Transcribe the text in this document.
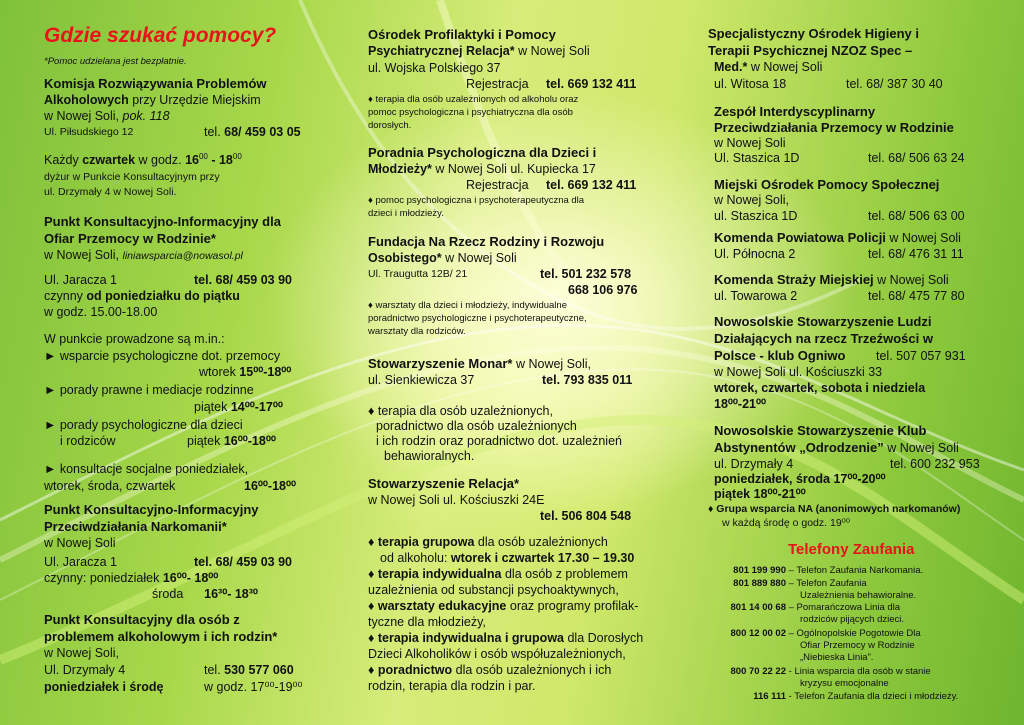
Gdzie szukać pomocy?
*Pomoc udzielana jest bezpłatnie.
Komisja Rozwiązywania Problemów
Alkoholowych przy Urzędzie Miejskim
w Nowej Soli, pok. 118
Ul. Piłsudskiego 12	tel. 68/ 459 03 05
Każdy czwartek w godz. $16^{00} - 18^{00}$
dyżur w Punkcie Konsultacyjnym przy
ul. Drzymały 4 w Nowej Soli.
Punkt Konsultacyjno-Informacyjny dla
Ofiar Przemocy w Rodzinie*
w Nowej Soli, liniawsparcia@nowasol.pl
Ul. Jaracza 1	tel. 68/ 459 03 90
czynny od poniedziałku do piątku
w godz. 15.00-18.00
W punkcie prowadzone są m.in.:
► wsparcie psychologiczne dot. przemocy
wtorek 15⁰⁰-18⁰⁰
► porady prawne i mediacje rodzinne
piątek 14⁰⁰-17⁰⁰
► porady psychologiczne dla dzieci
i rodziców	piątek 16⁰⁰-18⁰⁰
► konsultacje socjalne poniedziałek,
wtorek, środa, czwartek	16⁰⁰-18⁰⁰
Punkt Konsultacyjno-Informacyjny
Przeciwdziałania Narkomanii*
w Nowej Soli
Ul. Jaracza 1	tel. 68/ 459 03 90
czynny: poniedziałek 16⁰⁰- 18⁰⁰
środa 16³⁰- 18³⁰
Punkt Konsultacyjny dla osób z
problemem alkoholowym i ich rodzin*
w Nowej Soli,
Ul. Drzymały 4	tel. 530 577 060
poniedziałek i środę	w godz. 17⁰⁰-19⁰⁰
Ośrodek Profilaktyki i Pomocy
Psychiatrycznej Relacja* w Nowej Soli
ul. Wojska Polskiego 37
Rejestracja tel. 669 132 411
♦ terapia dla osób uzależnionych od alkoholu oraz
pomoc psychologiczna i psychiatryczna dla osób
dorosłych.
Poradnia Psychologiczna dla Dzieci i
Młodzieży* w Nowej Soli ul. Kupiecka 17
Rejestracja tel. 669 132 411
♦ pomoc psychologiczna i psychoterapeutyczna dla
dzieci i młodzieży.
Fundacja Na Rzecz Rodziny i Rozwoju
Osobistego* w Nowej Soli
Ul. Traugutta 12B/ 21	tel. 501 232 578
668 106 976
♦ warsztaty dla dzieci i młodzieży, indywidualne
poradnictwo psychologiczne i psychoterapeutyczne,
warsztaty dla rodziców.
Stowarzyszenie Monar* w Nowej Soli,
ul. Sienkiewicza 37	tel. 793 835 011
♦ terapia dla osób uzależnionych,
poradnictwo dla osób uzależnionych
i ich rodzin oraz poradnictwo dot. uzależnień
behawioralnych.
Stowarzyszenie Relacja*
w Nowej Soli ul. Kościuszki 24E
tel. 506 804 548
♦ terapia grupowa dla osób uzależnionych
od alkoholu: wtorek i czwartek 17.30 – 19.30
♦ terapia indywidualna dla osób z problemem
uzależnienia od substancji psychoaktywnych,
♦ warsztaty edukacyjne oraz programy profilak-
tyczne dla młodzieży,
♦ terapia indywidualna i grupowa dla Dorosłych
Dzieci Alkoholików i osób współuzależnionych,
♦ poradnictwo dla osób uzależnionych i ich
rodzin, terapia dla rodzin i par.
Specjalistyczny Ośrodek Higieny i
Terapii Psychicznej NZOZ Spec –
Med.* w Nowej Soli
ul. Witosa 18	tel. 68/ 387 30 40
Zespół Interdyscyplinarny
Przeciwdziałania Przemocy w Rodzinie
w Nowej Soli
Ul. Staszica 1D	tel. 68/ 506 63 24
Miejski Ośrodek Pomocy Społecznej
w Nowej Soli,
ul. Staszica 1D	tel. 68/ 506 63 00
Komenda Powiatowa Policji w Nowej Soli
Ul. Północna 2	tel. 68/ 476 31 11
Komenda Straży Miejskiej w Nowej Soli
ul. Towarowa 2	tel. 68/ 475 77 80
Nowosolskie Stowarzyszenie Ludzi
Działających na rzecz Trzeźwości w
Polsce - klub Ogniwo tel. 507 057 931
w Nowej Soli ul. Kościuszki 33
wtorek, czwartek, sobota i niedziela
18⁰⁰-21⁰⁰
Nowosolskie Stowarzyszenie Klub
Abstynentów „Odrodzenie” w Nowej Soli
ul. Drzymały 4	tel. 600 232 953
poniedziałek, środa 17⁰⁰-20⁰⁰
piątek 18⁰⁰-21⁰⁰
♦ Grupa wsparcia NA (anonimowych narkomanów)
w każdą środę o godz. 19⁰⁰
Telefony Zaufania
801 199 990 – Telefon Zaufania Narkomania.
801 889 880 – Telefon Zaufania
Uzależnienia behawioralne.
801 14 00 68 – Pomarańczowa Linia dla
rodziców pijących dzieci.
800 12 00 02 – Ogólnopolskie Pogotowie Dla
Ofiar Przemocy w Rodzinie
„Niebieska Linia”.
800 70 22 22 - Linia wsparcia dla osób w stanie
kryzysu emocjonalne
116 111 - Telefon Zaufania dla dzieci i młodzieży.
